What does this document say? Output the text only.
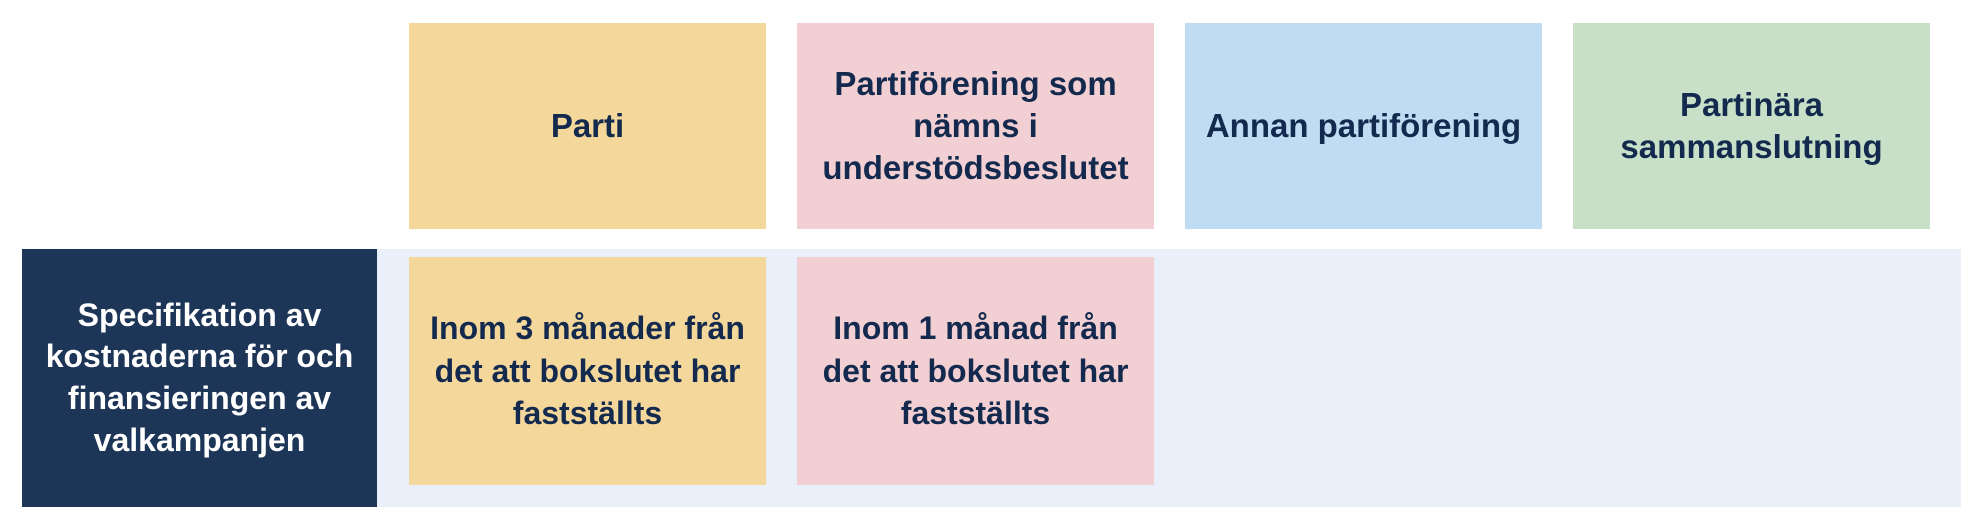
Parti
Partiförening som nämns i understödsbeslutet
Annan partiförening
Partinära sammanslutning
Specifikation av kostnaderna för och finansieringen av valkampanjen
Inom 3 månader från det att bokslutet har fastställts
Inom 1 månad från det att bokslutet har fastställts
